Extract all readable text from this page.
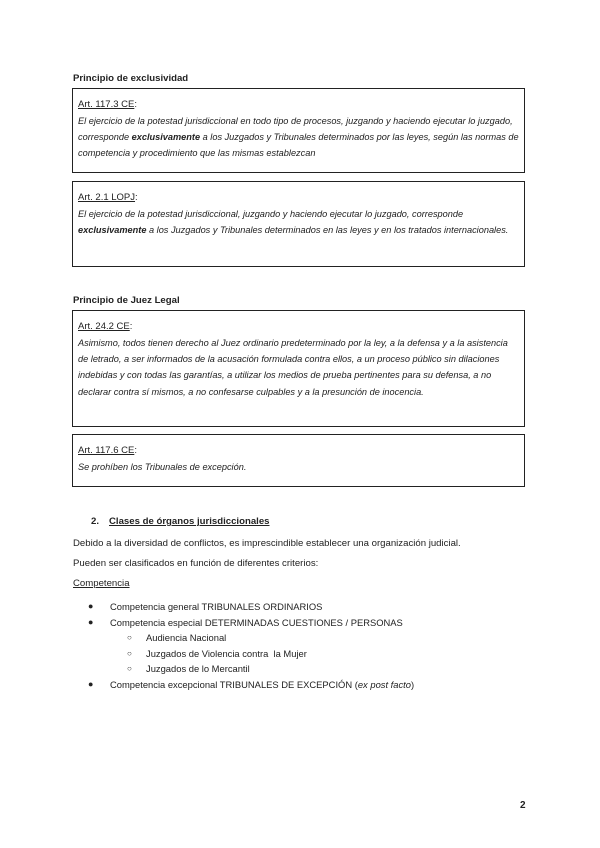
Principio de exclusividad
Art. 117.3 CE:
El ejercicio de la potestad jurisdiccional en todo tipo de procesos, juzgando y haciendo ejecutar lo juzgado, corresponde exclusivamente a los Juzgados y Tribunales determinados por las leyes, según las normas de competencia y procedimiento que las mismas establezcan
Art. 2.1 LOPJ:
El ejercicio de la potestad jurisdiccional, juzgando y haciendo ejecutar lo juzgado, corresponde exclusivamente a los Juzgados y Tribunales determinados en las leyes y en los tratados internacionales.
Principio de Juez Legal
Art. 24.2 CE:
Asimismo, todos tienen derecho al Juez ordinario predeterminado por la ley, a la defensa y a la asistencia de letrado, a ser informados de la acusación formulada contra ellos, a un proceso público sin dilaciones indebidas y con todas las garantías, a utilizar los medios de prueba pertinentes para su defensa, a no declarar contra sí mismos, a no confesarse culpables y a la presunción de inocencia.
Art. 117.6 CE:
Se prohíben los Tribunales de excepción.
2. Clases de órganos jurisdiccionales
Debido a la diversidad de conflictos, es imprescindible establecer una organización judicial.
Pueden ser clasificados en función de diferentes criterios:
Competencia
● Competencia general TRIBUNALES ORDINARIOS
● Competencia especial DETERMINADAS CUESTIONES / PERSONAS
○ Audiencia Nacional
○ Juzgados de Violencia contra  la Mujer
○ Juzgados de lo Mercantil
● Competencia excepcional TRIBUNALES DE EXCEPCIÓN (ex post facto)
2
